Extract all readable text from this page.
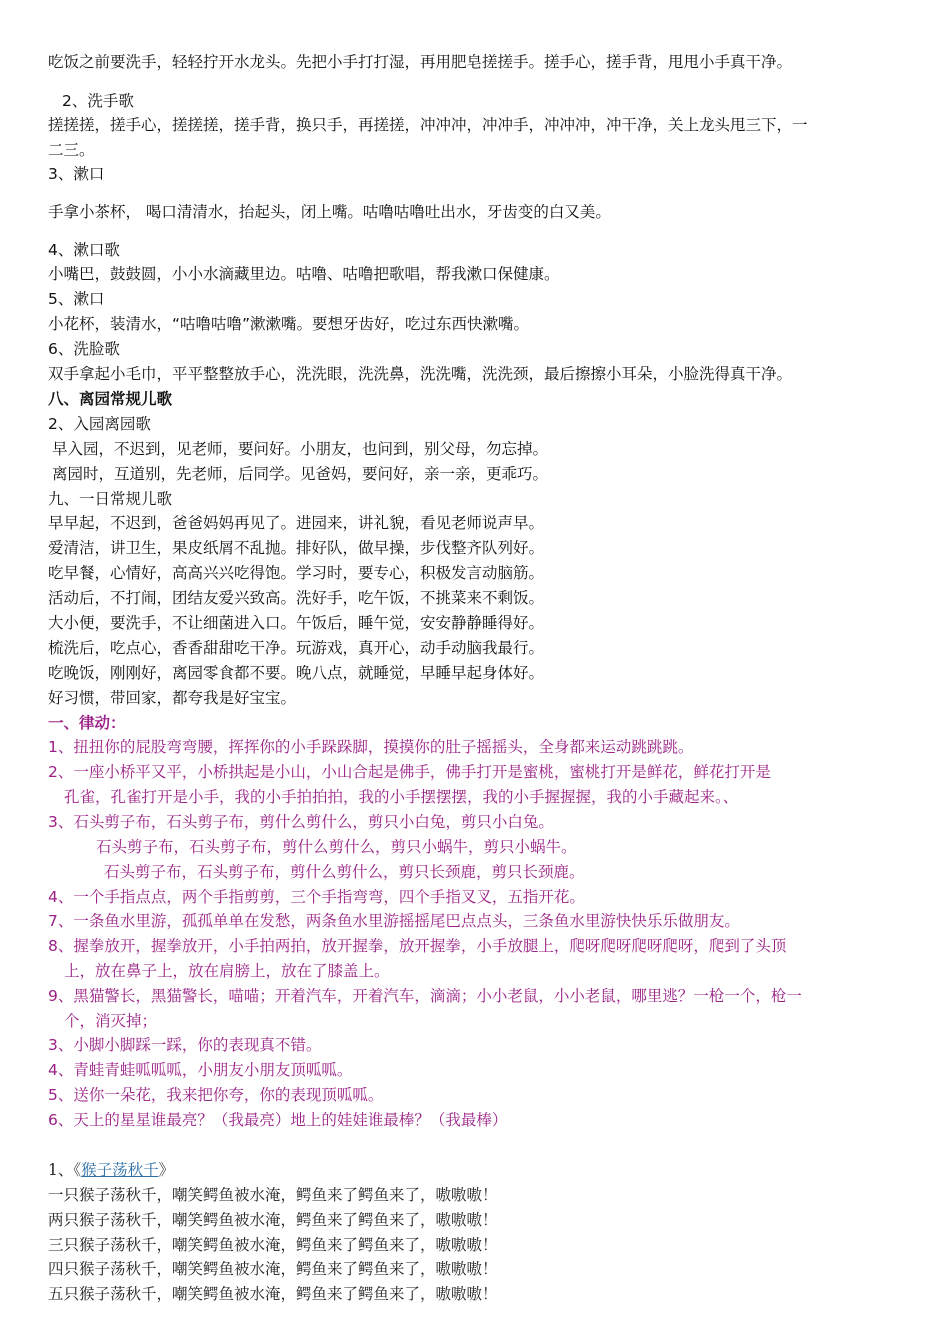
1、《猴子荡秋千》
吃饭之前要洗手，轻轻拧开水龙头。先把小手打打湿，再用肥皂搓搓手。搓手心，搓手背，甩甩小手真干净。
2、洗手歌
搓搓搓，搓手心，搓搓搓，搓手背，换只手，再搓搓，冲冲冲，冲冲手，冲冲冲，冲干净，关上龙头甩三下，一
二三。
3、漱口
手拿小茶杯， 喝口清清水，抬起头，闭上嘴。咕噜咕噜吐出水，牙齿变的白又美。
4、漱口歌
小嘴巴，鼓鼓圆，小小水滴藏里边。咕噜、咕噜把歌唱，帮我漱口保健康。
5、漱口
小花杯，装清水，“咕噜咕噜”漱漱嘴。要想牙齿好，吃过东西快漱嘴。
6、洗脸歌
双手拿起小毛巾，平平整整放手心，洗洗眼，洗洗鼻，洗洗嘴，洗洗颈，最后擦擦小耳朵，小脸洗得真干净。
八、离园常规儿歌
2、入园离园歌
早入园，不迟到，见老师，要问好。小朋友，也问到，别父母，勿忘掉。
离园时，互道别，先老师，后同学。见爸妈，要问好，亲一亲，更乖巧。
九、一日常规儿歌
早早起，不迟到，爸爸妈妈再见了。进园来，讲礼貌，看见老师说声早。
爱清洁，讲卫生，果皮纸屑不乱抛。排好队，做早操，步伐整齐队列好。
吃早餐，心情好，高高兴兴吃得饱。学习时，要专心，积极发言动脑筋。
活动后，不打闹，团结友爱兴致高。洗好手，吃午饭，不挑菜来不剩饭。
大小便，要洗手，不让细菌进入口。午饭后，睡午觉，安安静静睡得好。
梳洗后，吃点心，香香甜甜吃干净。玩游戏，真开心，动手动脑我最行。
吃晚饭，刚刚好，离园零食都不要。晚八点，就睡觉，早睡早起身体好。
好习惯，带回家，都夸我是好宝宝。
一、律动：
1、扭扭你的屁股弯弯腰，挥挥你的小手跺跺脚，摸摸你的肚子摇摇头，全身都来运动跳跳跳。
2、一座小桥平又平，小桥拱起是小山，小山合起是佛手，佛手打开是蜜桃，蜜桃打开是鲜花，鲜花打开是
孔雀，孔雀打开是小手，我的小手拍拍拍，我的小手摆摆摆，我的小手握握握，我的小手藏起来。、
3、石头剪子布，石头剪子布，剪什么剪什么，剪只小白兔，剪只小白兔。
石头剪子布，石头剪子布，剪什么剪什么，剪只小蜗牛，剪只小蜗牛。
石头剪子布，石头剪子布，剪什么剪什么，剪只长颈鹿，剪只长颈鹿。
4、一个手指点点，两个手指剪剪，三个手指弯弯，四个手指叉叉，五指开花。
7、一条鱼水里游，孤孤单单在发愁，两条鱼水里游摇摇尾巴点点头，三条鱼水里游快快乐乐做朋友。
8、握拳放开，握拳放开，小手拍两拍，放开握拳，放开握拳，小手放腿上，爬呀爬呀爬呀爬呀，爬到了头顶
上，放在鼻子上，放在肩膀上，放在了膝盖上。
9、黑猫警长，黑猫警长，喵喵；开着汽车，开着汽车，滴滴；小小老鼠，小小老鼠，哪里逃？一枪一个，枪一
个，消灭掉；
3、小脚小脚踩一踩，你的表现真不错。
4、青蛙青蛙呱呱呱，小朋友小朋友顶呱呱。
5、送你一朵花，我来把你夸，你的表现顶呱呱。
6、天上的星星谁最亮？（我最亮）地上的娃娃谁最棒？（我最棒）
一只猴子荡秋千，嘲笑鳄鱼被水淹，鳄鱼来了鳄鱼来了，嗷嗷嗷！
两只猴子荡秋千，嘲笑鳄鱼被水淹，鳄鱼来了鳄鱼来了，嗷嗷嗷！
三只猴子荡秋千，嘲笑鳄鱼被水淹，鳄鱼来了鳄鱼来了，嗷嗷嗷！
四只猴子荡秋千，嘲笑鳄鱼被水淹，鳄鱼来了鳄鱼来了，嗷嗷嗷！
五只猴子荡秋千，嘲笑鳄鱼被水淹，鳄鱼来了鳄鱼来了，嗷嗷嗷！
